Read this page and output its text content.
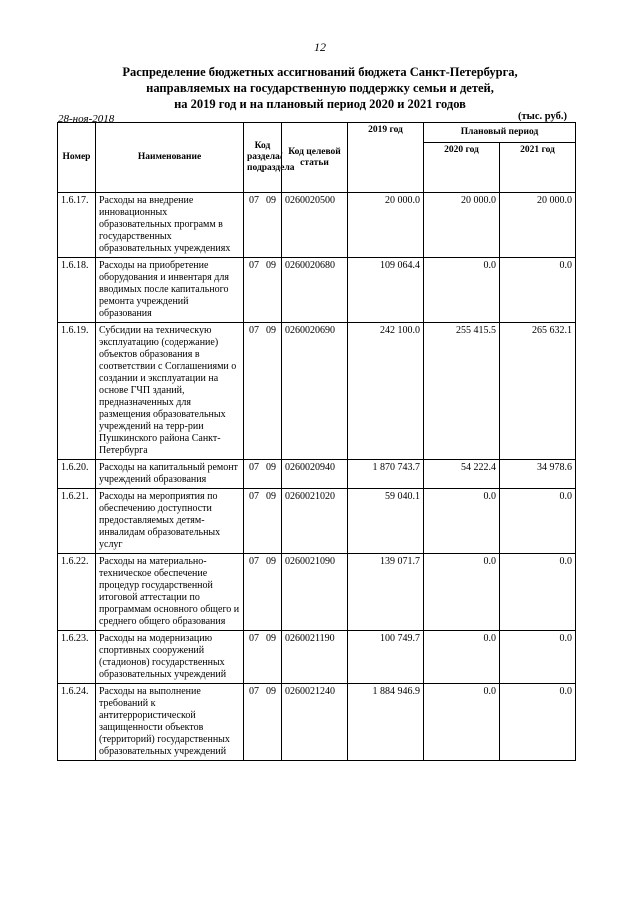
12
Распределение бюджетных ассигнований бюджета Санкт-Петербурга,
направляемых на государственную поддержку семьи и детей,
на 2019 год и на плановый период 2020 и 2021 годов
28-ноя-2018	(тыс. руб.)
Номер	Наименование	Код раздела/подраздела	Код целевой статьи	2019 год	Плановый период	
					2020 год	2021 год
1.6.17.	Расходы на внедрение инновационных образовательных программ в государственных образовательных учреждениях	07 09	0260020500	20 000.0	20 000.0	20 000.0
1.6.18.	Расходы на приобретение оборудования и инвентаря для вводимых после капитального ремонта учреждений образования	07 09	0260020680	109 064.4	0.0	0.0
1.6.19.	Субсидии на техническую эксплуатацию (содержание) объектов образования в соответствии с Соглашениями о создании и эксплуатации на основе ГЧП зданий, предназначенных для размещения образовательных учреждений на терр-рии Пушкинского района Санкт-Петербурга	07 09	0260020690	242 100.0	255 415.5	265 632.1
1.6.20.	Расходы на капитальный ремонт учреждений образования	07 09	0260020940	1 870 743.7	54 222.4	34 978.6
1.6.21.	Расходы на мероприятия по обеспечению доступности предоставляемых детям-инвалидам образовательных услуг	07 09	0260021020	59 040.1	0.0	0.0
1.6.22.	Расходы на материально-техническое обеспечение процедур государственной итоговой аттестации по программам основного общего и среднего общего образования	07 09	0260021090	139 071.7	0.0	0.0
1.6.23.	Расходы на модернизацию спортивных сооружений (стадионов) государственных образовательных учреждений	07 09	0260021190	100 749.7	0.0	0.0
1.6.24.	Расходы на выполнение требований к антитеррористической защищенности объектов (территорий) государственных образовательных учреждений	07 09	0260021240	1 884 946.9	0.0	0.0
